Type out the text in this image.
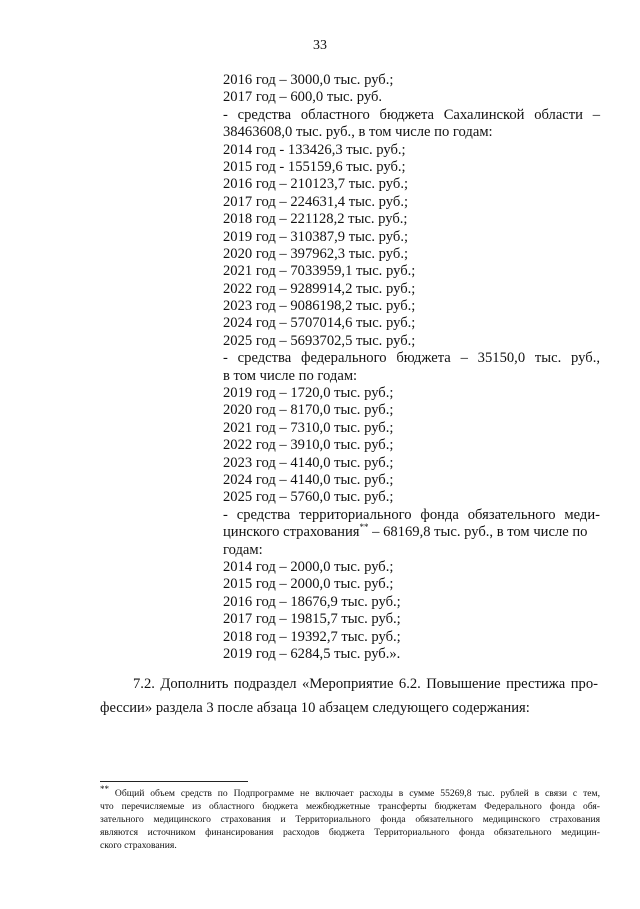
33
2016 год – 3000,0 тыс. руб.;
2017 год – 600,0 тыс. руб.
- средства областного бюджета Сахалинской области –
38463608,0 тыс. руб., в том числе по годам:
2014 год - 133426,3 тыс. руб.;
2015 год - 155159,6 тыс. руб.;
2016 год – 210123,7 тыс. руб.;
2017 год – 224631,4 тыс. руб.;
2018 год – 221128,2 тыс. руб.;
2019 год – 310387,9 тыс. руб.;
2020 год – 397962,3 тыс. руб.;
2021 год – 7033959,1 тыс. руб.;
2022 год – 9289914,2 тыс. руб.;
2023 год – 9086198,2 тыс. руб.;
2024 год – 5707014,6 тыс. руб.;
2025 год – 5693702,5 тыс. руб.;
- средства федерального бюджета – 35150,0 тыс. руб.,
в том числе по годам:
2019 год – 1720,0 тыс. руб.;
2020 год – 8170,0 тыс. руб.;
2021 год – 7310,0 тыс. руб.;
2022 год – 3910,0 тыс. руб.;
2023 год – 4140,0 тыс. руб.;
2024 год – 4140,0 тыс. руб.;
2025 год – 5760,0 тыс. руб.;
- средства территориального фонда обязательного меди-
цинского страхования** – 68169,8 тыс. руб., в том числе по
годам:
2014 год – 2000,0 тыс. руб.;
2015 год – 2000,0 тыс. руб.;
2016 год – 18676,9 тыс. руб.;
2017 год – 19815,7 тыс. руб.;
2018 год – 19392,7 тыс. руб.;
2019 год – 6284,5 тыс. руб.».
7.2. Дополнить подраздел «Мероприятие 6.2. Повышение престижа про-
фессии» раздела 3 после абзаца 10 абзацем следующего содержания:
** Общий объем средств по Подпрограмме не включает расходы в сумме 55269,8 тыс. рублей в связи с тем,
что перечисляемые из областного бюджета межбюджетные трансферты бюджетам Федерального фонда обя-
зательного медицинского страхования и Территориального фонда обязательного медицинского страхования
являются источником финансирования расходов бюджета Территориального фонда обязательного медицин-
ского страхования.
